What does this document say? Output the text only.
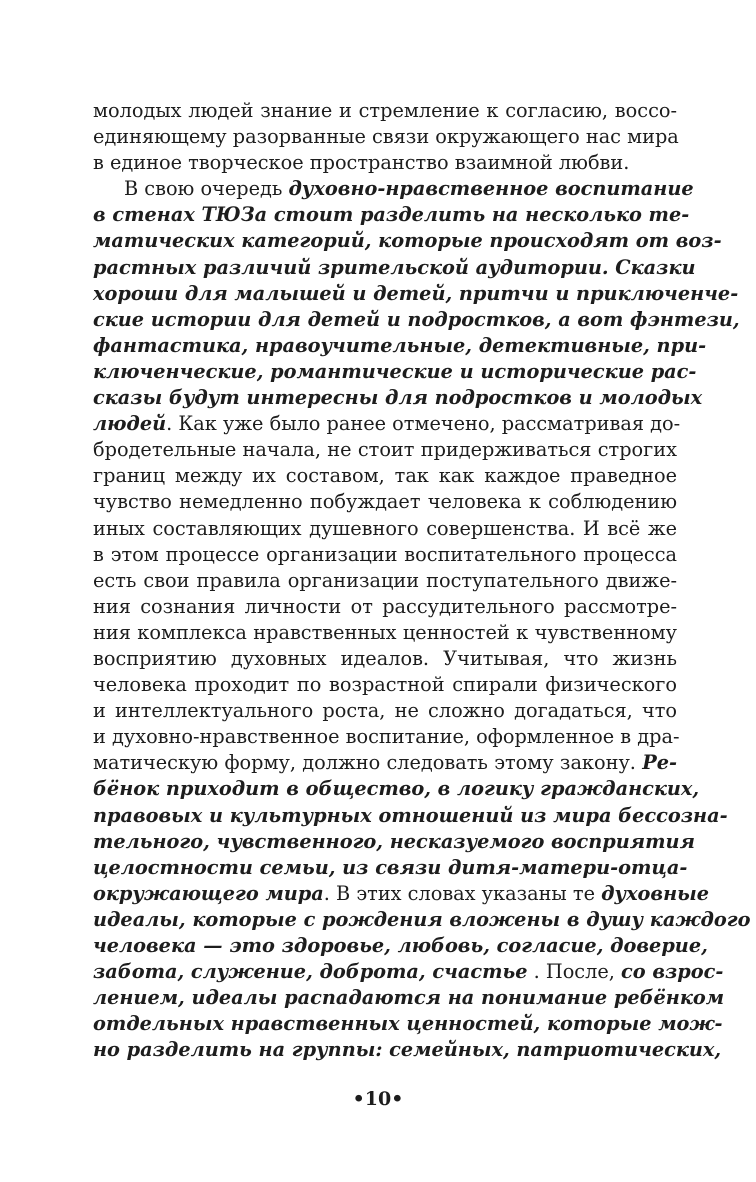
молодых людей знание и стремление к согласию, воссо-
единяющему разорванные связи окружающего нас мира
в единое творческое пространство взаимной любви.
В свою очередь духовно-нравственное воспитание
в стенах ТЮЗа стоит разделить на несколько те-
матических категорий, которые происходят от воз-
растных различий зрительской аудитории. Сказки
хороши для малышей и детей, притчи и приключенче-
ские истории для детей и подростков, а вот фэнтези,
фантастика, нравоучительные, детективные, при-
ключенческие, романтические и исторические рас-
сказы будут интересны для подростков и молодых
людей. Как уже было ранее отмечено, рассматривая до-
бродетельные начала, не стоит придерживаться строгих
границ между их составом, так как каждое праведное
чувство немедленно побуждает человека к соблюдению
иных составляющих душевного совершенства. И всё же
в этом процессе организации воспитательного процесса
есть свои правила организации поступательного движе-
ния сознания личности от рассудительного рассмотре-
ния комплекса нравственных ценностей к чувственному
восприятию духовных идеалов. Учитывая, что жизнь
человека проходит по возрастной спирали физического
и интеллектуального роста, не сложно догадаться, что
и духовно-нравственное воспитание, оформленное в дра-
матическую форму, должно следовать этому закону. Ре-
бёнок приходит в общество, в логику гражданских,
правовых и культурных отношений из мира бессозна-
тельного, чувственного, несказуемого восприятия
целостности семьи, из связи дитя-матери-отца-
окружающего мира. В этих словах указаны те духовные
идеалы, которые с рождения вложены в душу каждого
человека — это здоровье, любовь, согласие, доверие,
забота, служение, доброта, счастье . После, со взрос-
лением, идеалы распадаются на понимание ребёнком
отдельных нравственных ценностей, которые мож-
но разделить на группы: семейных, патриотических,
•10•
